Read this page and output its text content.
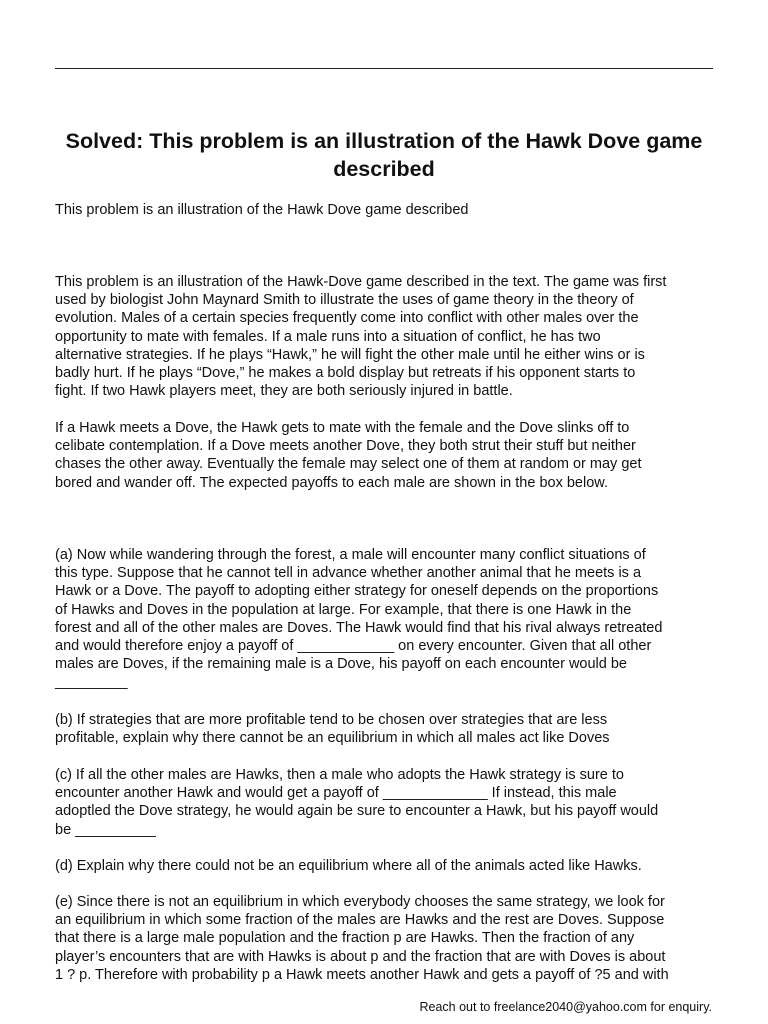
Solved: This problem is an illustration of the Hawk Dove game described

This problem is an illustration of the Hawk Dove game described

This problem is an illustration of the Hawk-Dove game described in the text. The game was first
used by biologist John Maynard Smith to illustrate the uses of game theory in the theory of
evolution. Males of a certain species frequently come into conflict with other males over the
opportunity to mate with females. If a male runs into a situation of conflict, he has two
alternative strategies. If he plays “Hawk,” he will fight the other male until he either wins or is
badly hurt. If he plays “Dove,” he makes a bold display but retreats if his opponent starts to
fight. If two Hawk players meet, they are both seriously injured in battle.

If a Hawk meets a Dove, the Hawk gets to mate with the female and the Dove slinks off to
celibate contemplation. If a Dove meets another Dove, they both strut their stuff but neither
chases the other away. Eventually the female may select one of them at random or may get
bored and wander off. The expected payoffs to each male are shown in the box below.

(a) Now while wandering through the forest, a male will encounter many conflict situations of
this type. Suppose that he cannot tell in advance whether another animal that he meets is a
Hawk or a Dove. The payoff to adopting either strategy for oneself depends on the proportions
of Hawks and Doves in the population at large. For example, that there is one Hawk in the
forest and all of the other males are Doves. The Hawk would find that his rival always retreated
and would therefore enjoy a payoff of ____________ on every encounter. Given that all other
males are Doves, if the remaining male is a Dove, his payoff on each encounter would be
_________

(b) If strategies that are more profitable tend to be chosen over strategies that are less
profitable, explain why there cannot be an equilibrium in which all males act like Doves

(c) If all the other males are Hawks, then a male who adopts the Hawk strategy is sure to
encounter another Hawk and would get a payoff of _____________ If instead, this male
adoptled the Dove strategy, he would again be sure to encounter a Hawk, but his payoff would
be __________

(d) Explain why there could not be an equilibrium where all of the animals acted like Hawks.

(e) Since there is not an equilibrium in which everybody chooses the same strategy, we look for
an equilibrium in which some fraction of the males are Hawks and the rest are Doves. Suppose
that there is a large male population and the fraction p are Hawks. Then the fraction of any
player’s encounters that are with Hawks is about p and the fraction that are with Doves is about
1 ? p. Therefore with probability p a Hawk meets another Hawk and gets a payoff of ?5 and with

Reach out to freelance2040@yahoo.com for enquiry.
